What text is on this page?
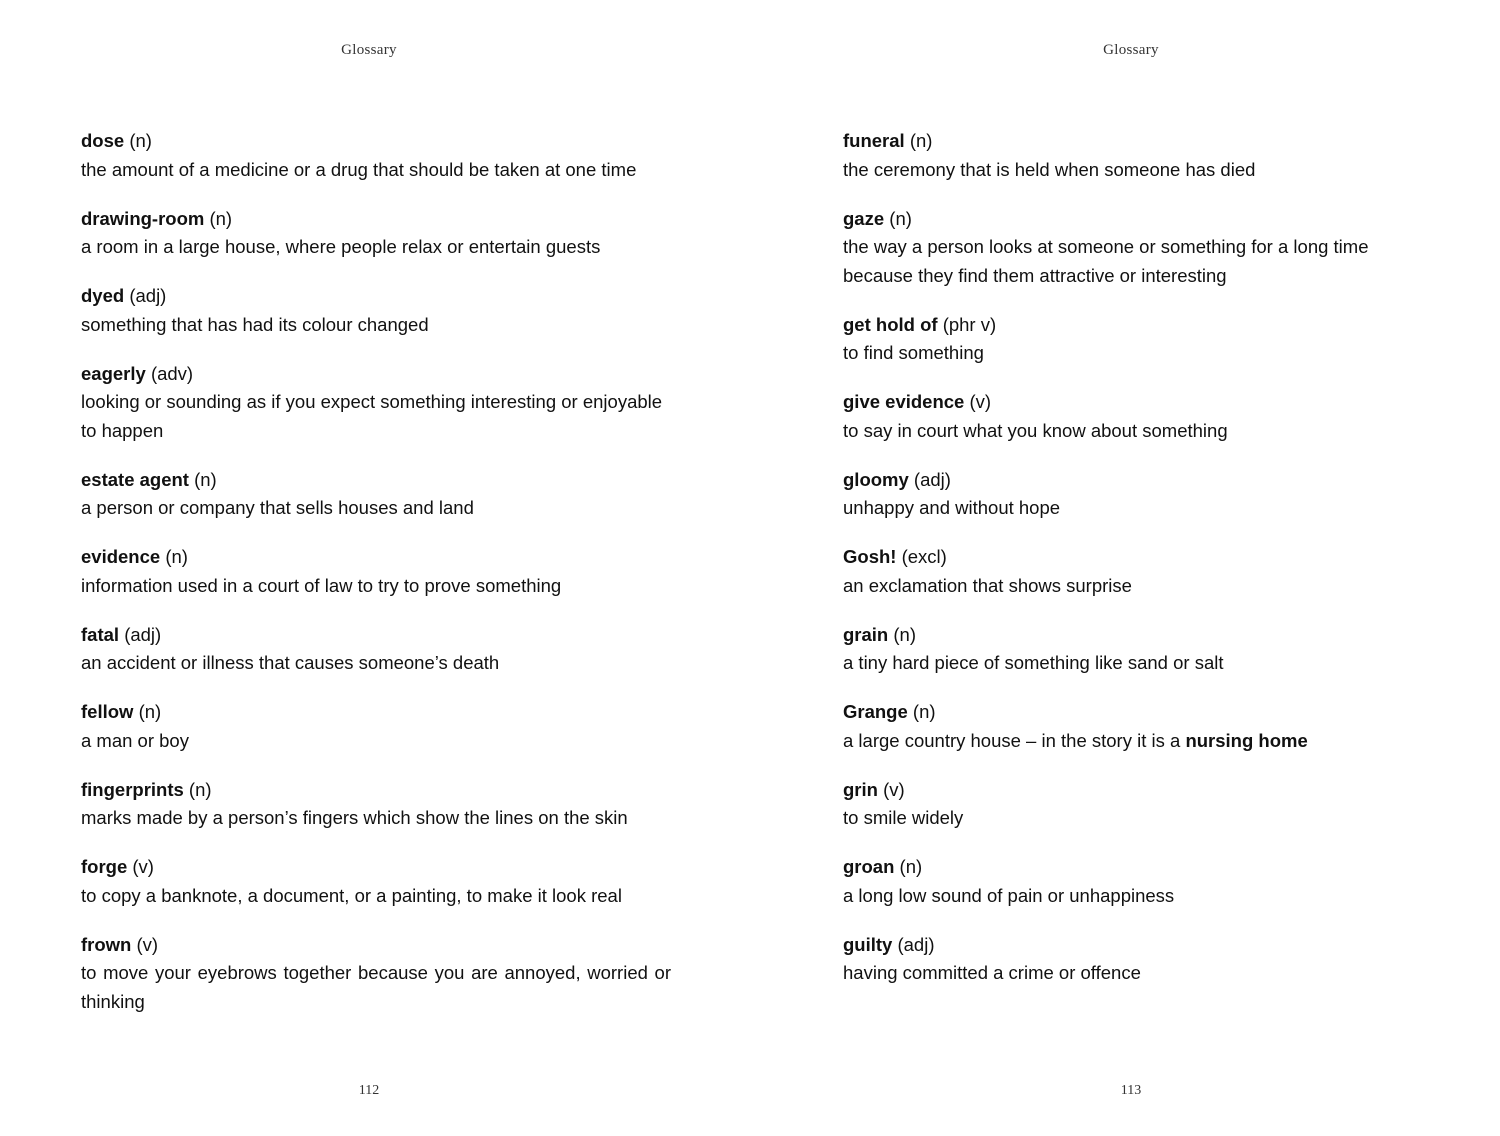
Glossary
dose (n)
the amount of a medicine or a drug that should be taken at one time
drawing-room (n)
a room in a large house, where people relax or entertain guests
dyed (adj)
something that has had its colour changed
eagerly (adv)
looking or sounding as if you expect something interesting or enjoyable to happen
estate agent (n)
a person or company that sells houses and land
evidence (n)
information used in a court of law to try to prove something
fatal (adj)
an accident or illness that causes someone’s death
fellow (n)
a man or boy
fingerprints (n)
marks made by a person’s fingers which show the lines on the skin
forge (v)
to copy a banknote, a document, or a painting, to make it look real
frown (v)
to move your eyebrows together because you are annoyed, worried or thinking
112
Glossary
funeral (n)
the ceremony that is held when someone has died
gaze (n)
the way a person looks at someone or something for a long time because they find them attractive or interesting
get hold of (phr v)
to find something
give evidence (v)
to say in court what you know about something
gloomy (adj)
unhappy and without hope
Gosh! (excl)
an exclamation that shows surprise
grain (n)
a tiny hard piece of something like sand or salt
Grange (n)
a large country house – in the story it is a nursing home
grin (v)
to smile widely
groan (n)
a long low sound of pain or unhappiness
guilty (adj)
having committed a crime or offence
113
